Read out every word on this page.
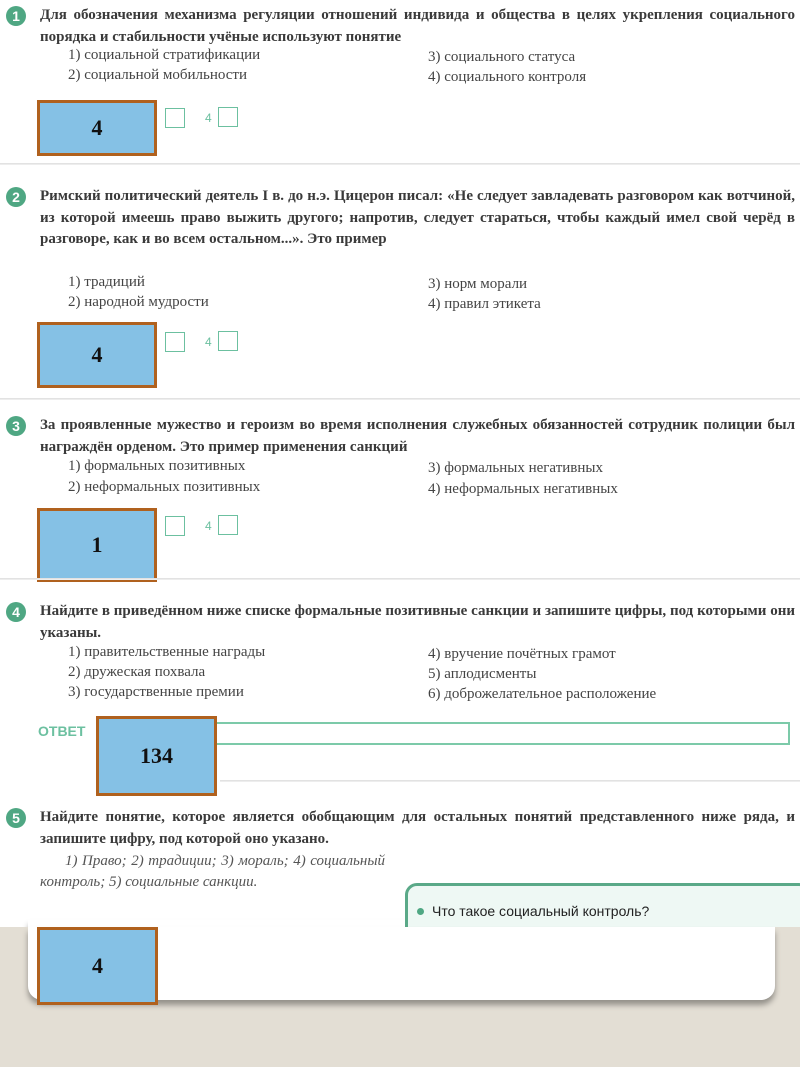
1	Для обозначения механизма регуляции отношений индивида и общества в целях укрепления социального порядка и стабильности учёные используют понятие
1) социальной стратификации
2) социальной мобильности
3) социального статуса
4) социального контроля
4
4
2	Римский политический деятель I в. до н.э. Цицерон писал: «Не следует завладевать разговором как вотчиной, из которой имеешь право выжить другого; напротив, следует стараться, чтобы каждый имел свой черёд в разговоре, как и во всем остальном...». Это пример
1) традиций
2) народной мудрости
3) норм морали
4) правил этикета
4
4
3	За проявленные мужество и героизм во время исполнения служебных обязанностей сотрудник полиции был награждён орденом. Это пример применения санкций
1) формальных позитивных
2) неформальных позитивных
3) формальных негативных
4) неформальных негативных
4
1
4	Найдите в приведённом ниже списке формальные позитивные санкции и запишите цифры, под которыми они указаны.
1) правительственные награды
2) дружеская похвала
3) государственные премии
4) вручение почётных грамот
5) аплодисменты
6) доброжелательное расположение
ОТВЕТ
134
5	Найдите понятие, которое является обобщающим для остальных понятий представленного ниже ряда, и запишите цифру, под которой оно указано.
1) Право; 2) традиции; 3) мораль; 4) социальный контроль; 5) социальные санкции.
Что такое социальный контроль?
4
